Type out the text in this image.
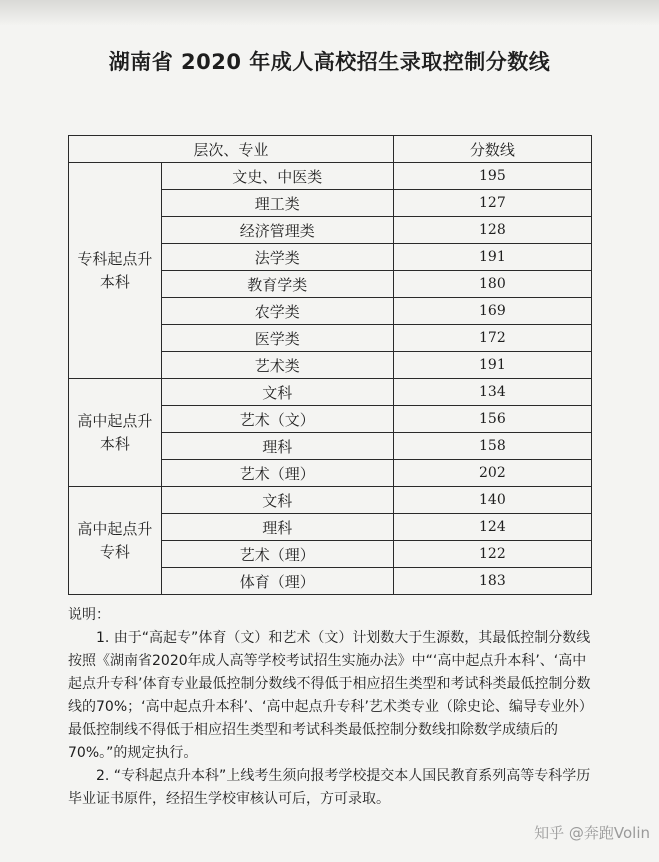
湖南省 2020 年成人高校招生录取控制分数线
层次、专业		分数线

专科起点升
本科	文史、中医类	195
	理工类	127
	经济管理类	128
	法学类	191
	教育学类	180
	农学类	169
	医学类	172
	艺术类	191

高中起点升
本科	文科	134
	艺术（文）	156
	理科	158
	艺术（理）	202

高中起点升
专科	文科	140
	理科	124
	艺术（理）	122
	体育（理）	183

说明：

1. 由于“高起专”体育（文）和艺术（文）计划数大于生源数，其最低控制分数线按照《湖南省2020年成人高等学校考试招生实施办法》中“‘高中起点升本科’、‘高中起点升专科’体育专业最低控制分数线不得低于相应招生类型和考试科类最低控制分数线的70%；‘高中起点升本科’、‘高中起点升专科’艺术类专业（除史论、编导专业外）最低控制线不得低于相应招生类型和考试科类最低控制分数线扣除数学成绩后的70%。”的规定执行。

2. “专科起点升本科”上线考生须向报考学校提交本人国民教育系列高等专科学历毕业证书原件，经招生学校审核认可后，方可录取。

知乎 @奔跑Volin
